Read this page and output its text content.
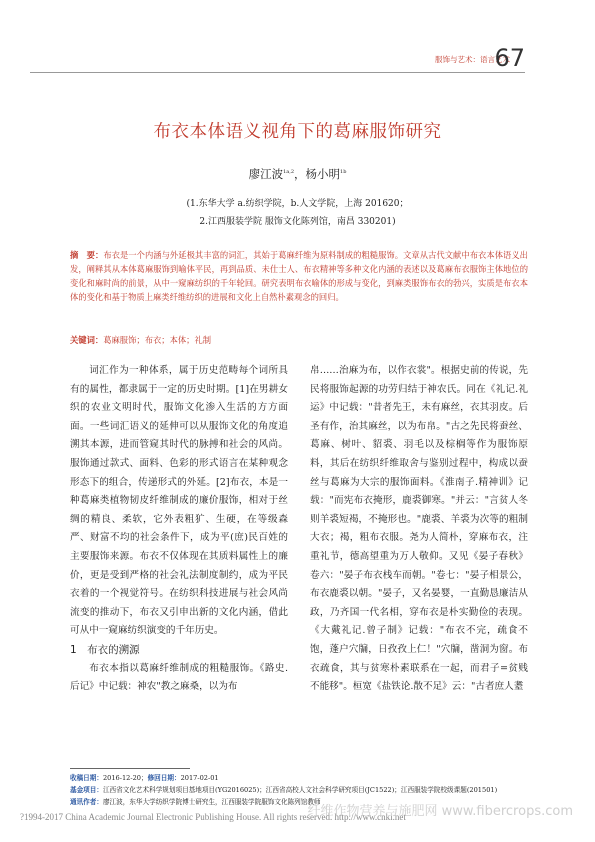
服饰与艺术：语言艺术
67
布衣本体语义视角下的葛麻服饰研究
廖江波$^{1a,2}$，杨小明$^{1b}$
(1.东华大学 a.纺织学院，b.人文学院，上海 201620；
2.江西服装学院 服饰文化陈列馆，南昌 330201)
摘　要：布衣是一个内涵与外延极其丰富的词汇，其始于葛麻纤维为原料制成的粗糙服饰。文章从古代文献中布衣本体语义出发，阐释其从本体葛麻服饰到喻体平民，再到品质、未仕士人、布衣精神等多种文化内涵的表述以及葛麻布衣服饰主体地位的变化和麻时尚的前景，从中一窥麻纺织的千年轮回。研究表明布衣喻体的形成与变化，到麻类服饰布衣的勃兴，实质是布衣本体的变化和基于物质上麻类纤维纺织的进展和文化上自然朴素观念的回归。
关键词：葛麻服饰；布衣；本体；礼制

词汇作为一种体系，属于历史范畴每个词所具有的属性，都隶属于一定的历史时期。[1]在男耕女织的农业文明时代，服饰文化渗入生活的方方面面。一些词汇语义的延伸可以从服饰文化的角度追溯其本源，进而管窥其时代的脉搏和社会的风尚。服饰通过款式、面料、色彩的形式语言在某种观念形态下的组合，传递形式的外延。[2]布衣，本是一种葛麻类植物韧皮纤维制成的廉价服饰，相对于丝绸的精良、柔软，它外表粗犷、生硬，在等级森严、财富不均的社会条件下，成为平(庶)民百姓的主要服饰来源。布衣不仅体现在其质料属性上的廉价，更是受到严格的社会礼法制度制约，成为平民衣着的一个视觉符号。在纺织科技进展与社会风尚流变的推动下，布衣又引申出新的文化内涵，借此可从中一窥麻纺织演变的千年历史。

1　布衣的溯源

布衣本指以葛麻纤维制成的粗糙服饰。《路史.后记》中记载：神农"教之麻桑，以为布

帛……治麻为布，以作衣裳"。根据史前的传说，先民将服饰起源的功劳归结于神农氏。同在《礼记.礼运》中记载："昔者先王，未有麻丝，衣其羽皮。后圣有作，治其麻丝，以为布帛。"古之先民将蚕丝、葛麻、树叶、貂裘、羽毛以及棕榈等作为服饰原料，其后在纺织纤维取舍与鉴别过程中，构成以蚕丝与葛麻为大宗的服饰面料。《淮南子.精神训》记载："而宪布衣掩形，鹿裘御寒。"并云："言贫人冬则羊裘短褐，不掩形也。"鹿裘、羊裘为次等的粗制大衣；褐，粗布衣服。尧为人简朴，穿麻布衣，注重礼节，德高望重为万人敬仰。又见《晏子春秋》卷六："晏子布衣栈车而朝。"卷七："晏子相景公，布衣鹿裘以朝。"晏子，又名晏婴，一直勤恳廉洁从政，乃齐国一代名相，穿布衣是朴实勤俭的表现。《大戴礼记.曾子制》记载："布衣不完，疏食不饱，蓬户穴牖，日孜孜上仁！"穴牖，凿洞为窗。布衣疏食，其与贫寒朴素联系在一起，而君子=贫贱不能移"。桓宽《盐铁论.散不足》云："古者庶人耋

收稿日期：2016-12-20；修回日期：2017-02-01
基金项目：江西省文化艺术科学规划项目基地项目(YG2016025)；江西省高校人文社会科学研究项目(JC1522)；江西服装学院校级课题(201501)
通讯作者：廖江波，东华大学纺织学院博士研究生，江西服装学院服饰文化陈列馆教师
?1994-2017 China Academic Journal Electronic Publishing House. All rights reserved. http://www.cnki.net
纤维作物营养与施肥网 www.fibercrops.com
